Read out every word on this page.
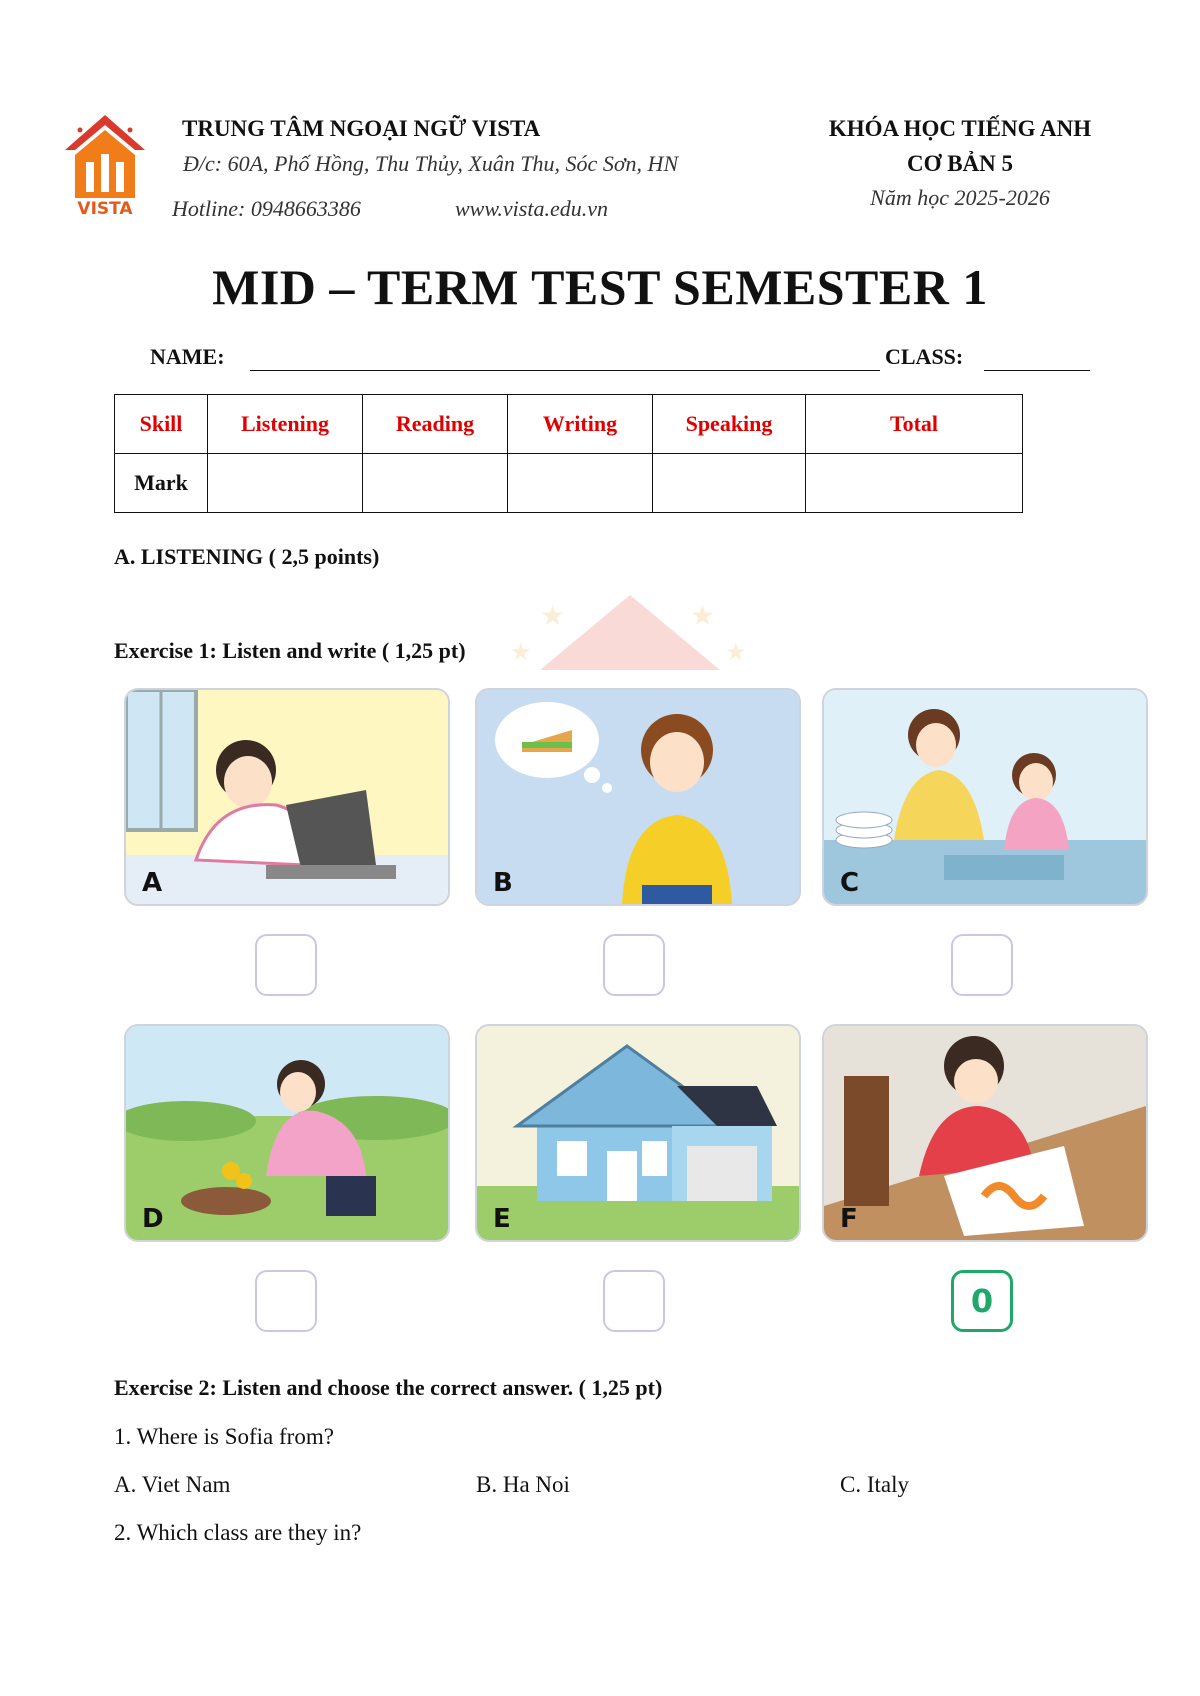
VISTA
TRUNG TÂM NGOẠI NGỮ VISTA
Đ/c: 60A, Phố Hồng, Thu Thủy, Xuân Thu, Sóc Sơn, HN
Hotline: 0948663386	www.vista.edu.vn
KHÓA HỌC TIẾNG ANH
CƠ BẢN 5
Năm học 2025-2026
MID – TERM TEST SEMESTER 1
NAME:	CLASS:
Skill	Listening	Reading	Writing	Speaking	Total
Mark					
A. LISTENING ( 2,5 points)
★	★
★	★
Exercise 1: Listen and write ( 1,25 pt)
A	B	C
D	E	F
0
Exercise 2: Listen and choose the correct answer. ( 1,25 pt)
1. Where is Sofia from?
A. Viet Nam	B. Ha Noi	C. Italy
2. Which class are they in?
